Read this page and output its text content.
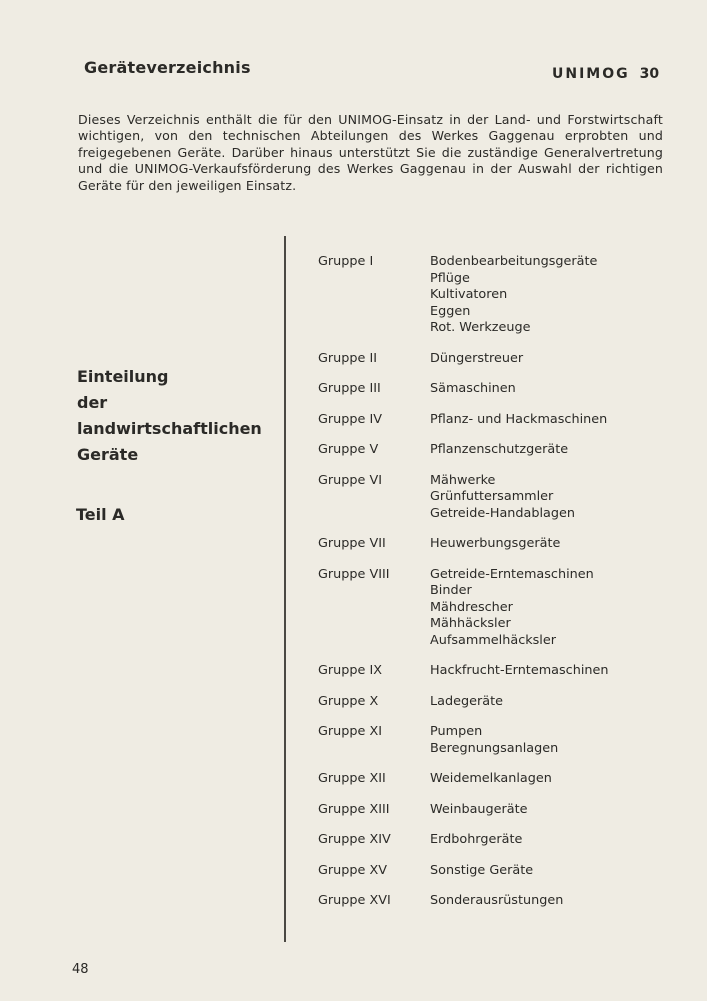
Geräteverzeichnis	UNIMOG 30
Dieses Verzeichnis enthält die für den UNIMOG-Einsatz in der Land- und Forstwirtschaft wichtigen, von den technischen Abteilungen des Werkes Gaggenau erprobten und freigegebenen Geräte. Darüber hinaus unterstützt Sie die zuständige Generalvertretung und die UNIMOG-Verkaufsförderung des Werkes Gaggenau in der Auswahl der richtigen Geräte für den jeweiligen Einsatz.
Einteilung
der landwirtschaftlichen
Geräte
Teil A
Gruppe I	Bodenbearbeitungsgeräte
Pflüge
Kultivatoren
Eggen
Rot. Werkzeuge
Gruppe II	Düngerstreuer
Gruppe III	Sämaschinen
Gruppe IV	Pflanz- und Hackmaschinen
Gruppe V	Pflanzenschutzgeräte
Gruppe VI	Mähwerke
Grünfuttersammler
Getreide-Handablagen
Gruppe VII	Heuwerbungsgeräte
Gruppe VIII	Getreide-Erntemaschinen
Binder
Mähdrescher
Mähhäcksler
Aufsammelhäcksler
Gruppe IX	Hackfrucht-Erntemaschinen
Gruppe X	Ladegeräte
Gruppe XI	Pumpen
Beregnungsanlagen
Gruppe XII	Weidemelkanlagen
Gruppe XIII	Weinbaugeräte
Gruppe XIV	Erdbohrgeräte
Gruppe XV	Sonstige Geräte
Gruppe XVI	Sonderausrüstungen
48
